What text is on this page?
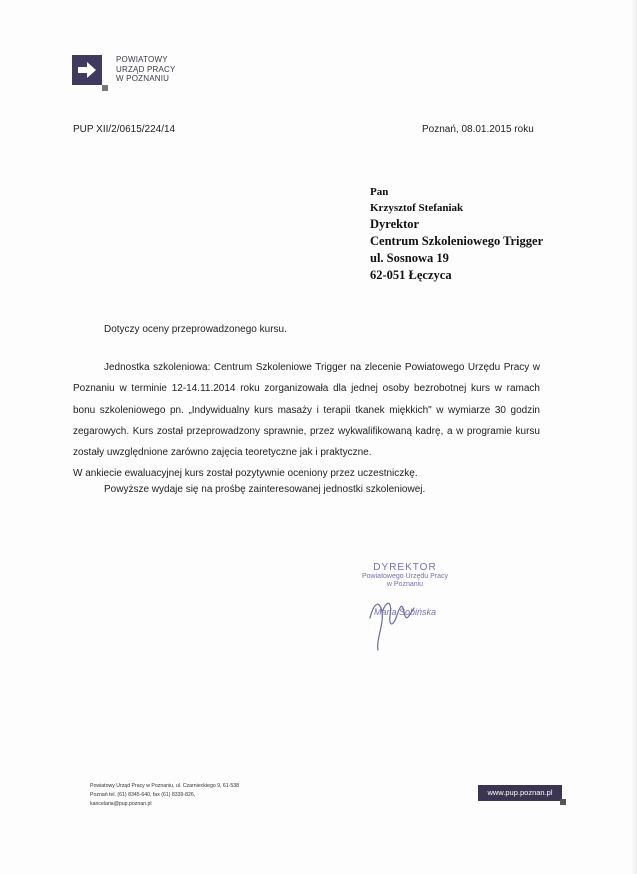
POWIATOWY
URZĄD PRACY
W POZNANIU
PUP XII/2/0615/224/14	Poznań, 08.01.2015 roku
Pan
Krzysztof Stefaniak
Dyrektor
Centrum Szkoleniowego Trigger
ul. Sosnowa 19
62-051 Łęczyca
Dotyczy oceny przeprowadzonego kursu.

Jednostka szkoleniowa: Centrum Szkoleniowe Trigger na zlecenie Powiatowego Urzędu Pracy w Poznaniu w terminie 12-14.11.2014 roku zorganizowała dla jednej osoby bezrobotnej kurs w ramach bonu szkoleniowego pn. „Indywidualny kurs masaży i terapii tkanek miękkich" w wymiarze 30 godzin zegarowych. Kurs został przeprowadzony sprawnie, przez wykwalifikowaną kadrę, a w programie kursu zostały uwzględnione zarówno zajęcia teoretyczne jak i praktyczne.

W ankiecie ewaluacyjnej kurs został pozytywnie oceniony przez uczestniczkę.

Powyższe wydaje się na prośbę zainteresowanej jednostki szkoleniowej.
DYREKTOR
Powiatowego Urzędu Pracy
w Poznaniu
Maria Sobińska
Powiatowy Urząd Pracy w Poznaniu, ul. Czarnieckiego 9, 61-538
Poznań tel. (61) 8345-640, fax (61) 8339-826,
kancelaria@pup.poznan.pl
www.pup.poznan.pl
